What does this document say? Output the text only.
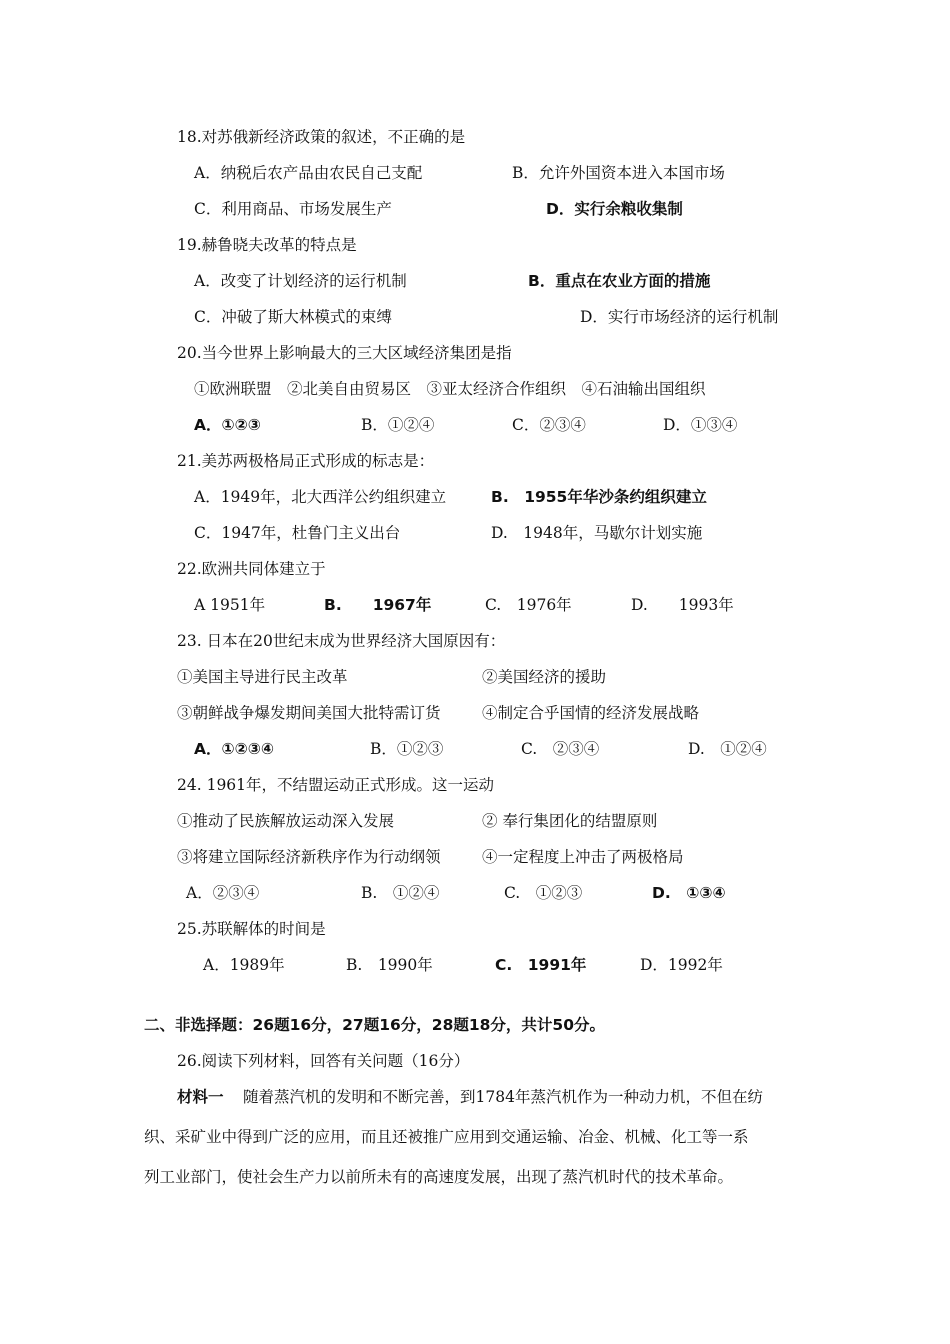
18.对苏俄新经济政策的叙述，不正确的是
A．纳税后农产品由农民自己支配	B．允许外国资本进入本国市场
C．利用商品、市场发展生产	D．实行余粮收集制
19.赫鲁晓夫改革的特点是
A．改变了计划经济的运行机制	B．重点在农业方面的措施
C．冲破了斯大林模式的束缚	D．实行市场经济的运行机制
20.当今世界上影响最大的三大区域经济集团是指
①欧洲联盟　②北美自由贸易区　③亚太经济合作组织　④石油输出国组织
A．①②③	B．①②④	C．②③④	D．①③④
21.美苏两极格局正式形成的标志是：
A．1949年，北大西洋公约组织建立	B.　1955年华沙条约组织建立
C．1947年，杜鲁门主义出台	D.　1948年，马歇尔计划实施
22.欧洲共同体建立于
A 1951年	B.　　1967年	C.　1976年	D.　　1993年
23. 日本在20世纪末成为世界经济大国原因有：
①美国主导进行民主改革	②美国经济的援助
③朝鲜战争爆发期间美国大批特需订货	④制定合乎国情的经济发展战略
A．①②③④	B．①②③	C.　②③④	D.　①②④
24. 1961年，不结盟运动正式形成。这一运动
①推动了民族解放运动深入发展	② 奉行集团化的结盟原则
③将建立国际经济新秩序作为行动纲领	④一定程度上冲击了两极格局
A．②③④	B.　①②④	C.　①②③	D.　①③④
25.苏联解体的时间是
A．1989年	B.　1990年	C.　1991年	D．1992年
二、非选择题：26题16分，27题16分，28题18分，共计50分。
26.阅读下列材料，回答有关问题（16分）
材料一 随着蒸汽机的发明和不断完善，到1784年蒸汽机作为一种动力机，不但在纺
织、采矿业中得到广泛的应用，而且还被推广应用到交通运输、冶金、机械、化工等一系
列工业部门，使社会生产力以前所未有的高速度发展，出现了蒸汽机时代的技术革命。
